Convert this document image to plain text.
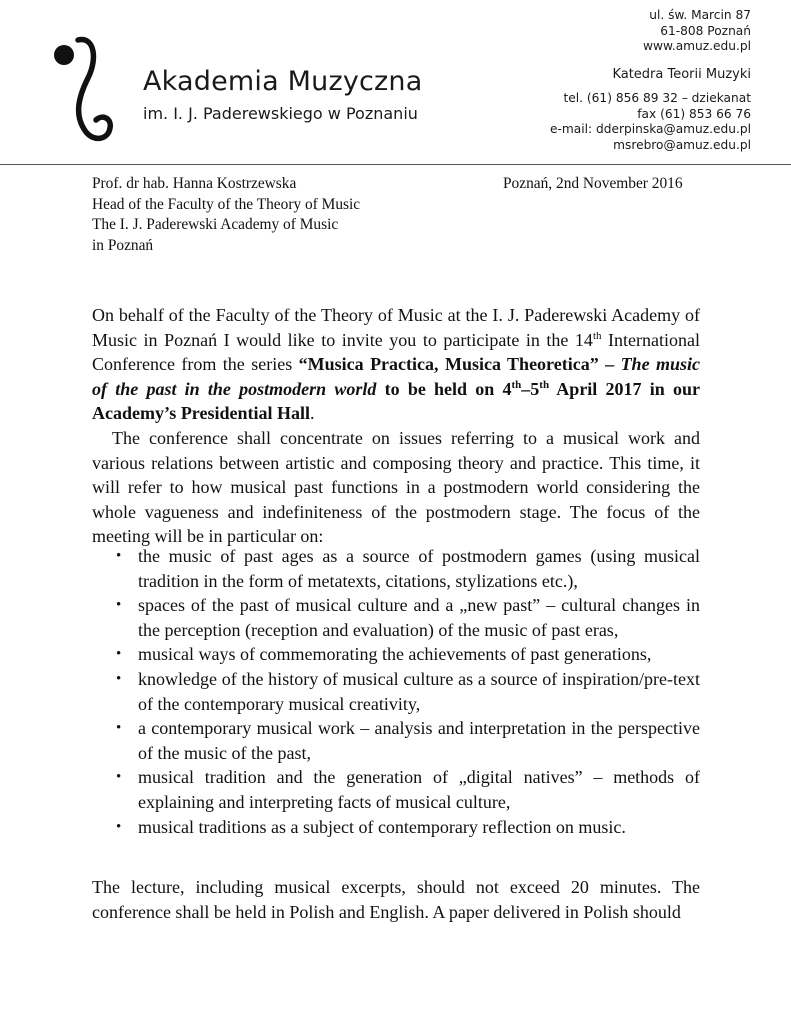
Akademia Muzyczna
im. I. J. Paderewskiego w Poznaniu
ul. św. Marcin 87
61-808 Poznań
www.amuz.edu.pl
Katedra Teorii Muzyki
tel. (61) 856 89 32 – dziekanat
fax (61) 853 66 76
e-mail: dderpinska@amuz.edu.pl
msrebro@amuz.edu.pl
Prof. dr hab. Hanna Kostrzewska
Head of the Faculty of the Theory of Music
The I. J. Paderewski Academy of Music
in Poznań
Poznań, 2nd November 2016
On behalf of the Faculty of the Theory of Music at the I. J. Paderewski Academy of Music in Poznań I would like to invite you to participate in the 14th International Conference from the series “Musica Practica, Musica Theoretica” – The music of the past in the postmodern world to be held on 4th–5th April 2017 in our Academy’s Presidential Hall.
The conference shall concentrate on issues referring to a musical work and various relations between artistic and composing theory and practice. This time, it will refer to how musical past functions in a postmodern world considering the whole vagueness and indefiniteness of the postmodern stage. The focus of the meeting will be in particular on:
• the music of past ages as a source of postmodern games (using musical tradition in the form of metatexts, citations, stylizations etc.),
• spaces of the past of musical culture and a „new past” – cultural changes in the perception (reception and evaluation) of the music of past eras,
• musical ways of commemorating the achievements of past generations,
• knowledge of the history of musical culture as a source of inspiration/pre-text of the contemporary musical creativity,
• a contemporary musical work – analysis and interpretation in the perspective of the music of the past,
• musical tradition and the generation of „digital natives” – methods of explaining and interpreting facts of musical culture,
• musical traditions as a subject of contemporary reflection on music.
The lecture, including musical excerpts, should not exceed 20 minutes. The conference shall be held in Polish and English. A paper delivered in Polish should
